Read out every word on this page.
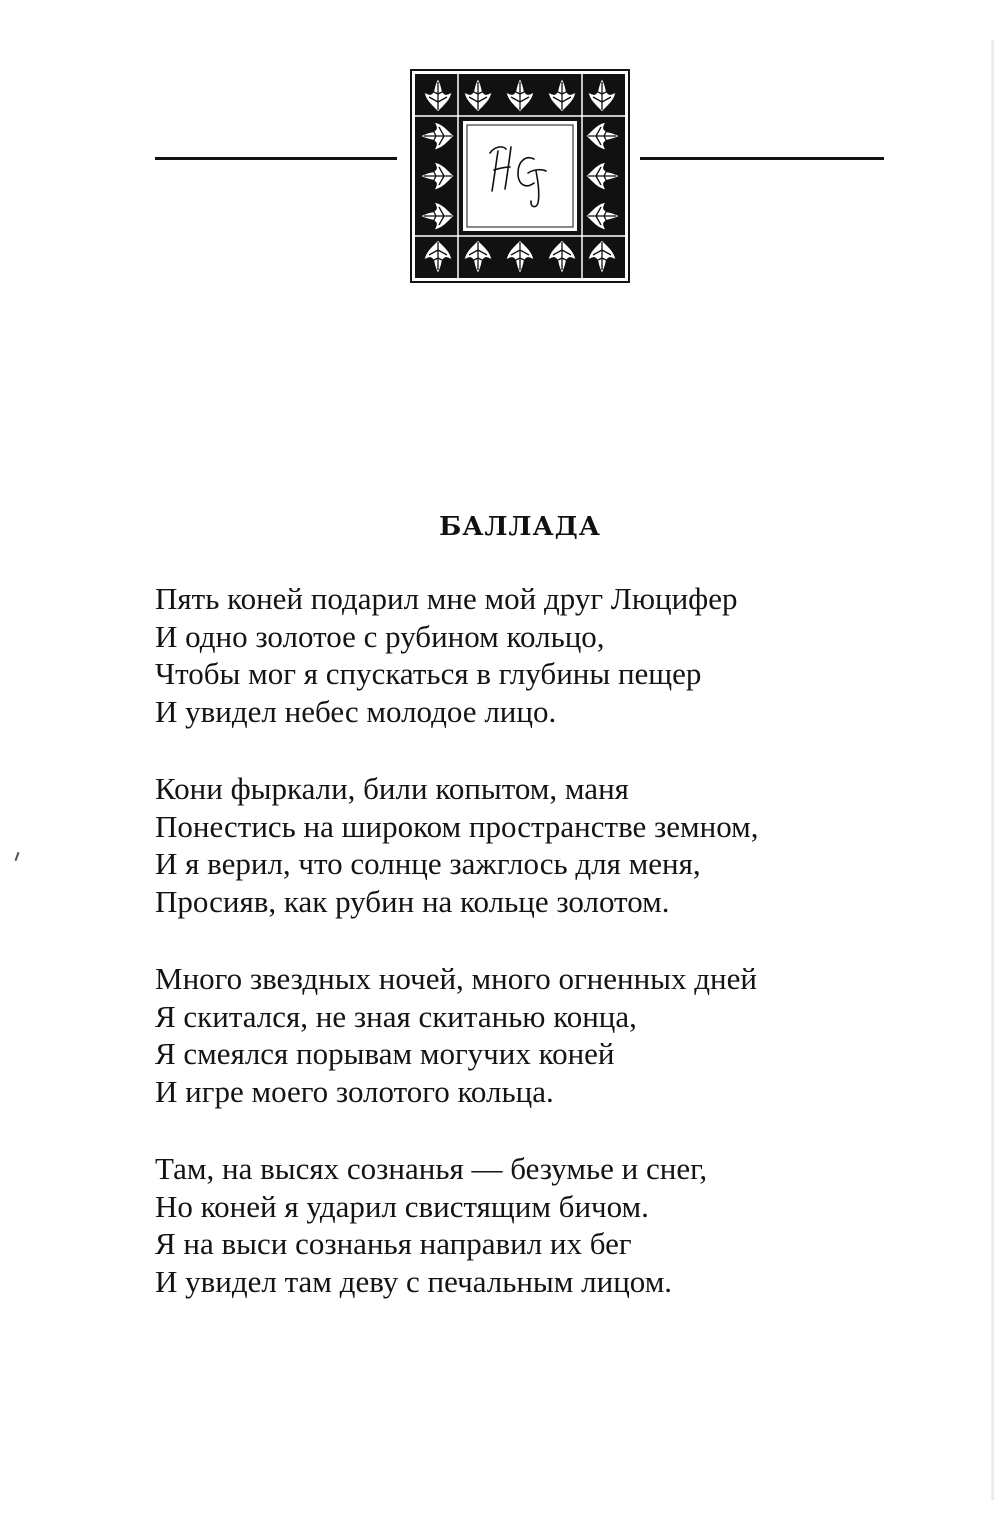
БАЛЛАДА
Пять коней подарил мне мой друг Люцифер
И одно золотое с рубином кольцо,
Чтобы мог я спускаться в глубины пещер
И увидел небес молодое лицо.
Кони фыркали, били копытом, маня
Понестись на широком пространстве земном,
И я верил, что солнце зажглось для меня,
Просияв, как рубин на кольце золотом.
Много звездных ночей, много огненных дней
Я скитался, не зная скитанью конца,
Я смеялся порывам могучих коней
И игре моего золотого кольца.
Там, на высях сознанья — безумье и снег,
Но коней я ударил свистящим бичом.
Я на выси сознанья направил их бег
И увидел там деву с печальным лицом.
